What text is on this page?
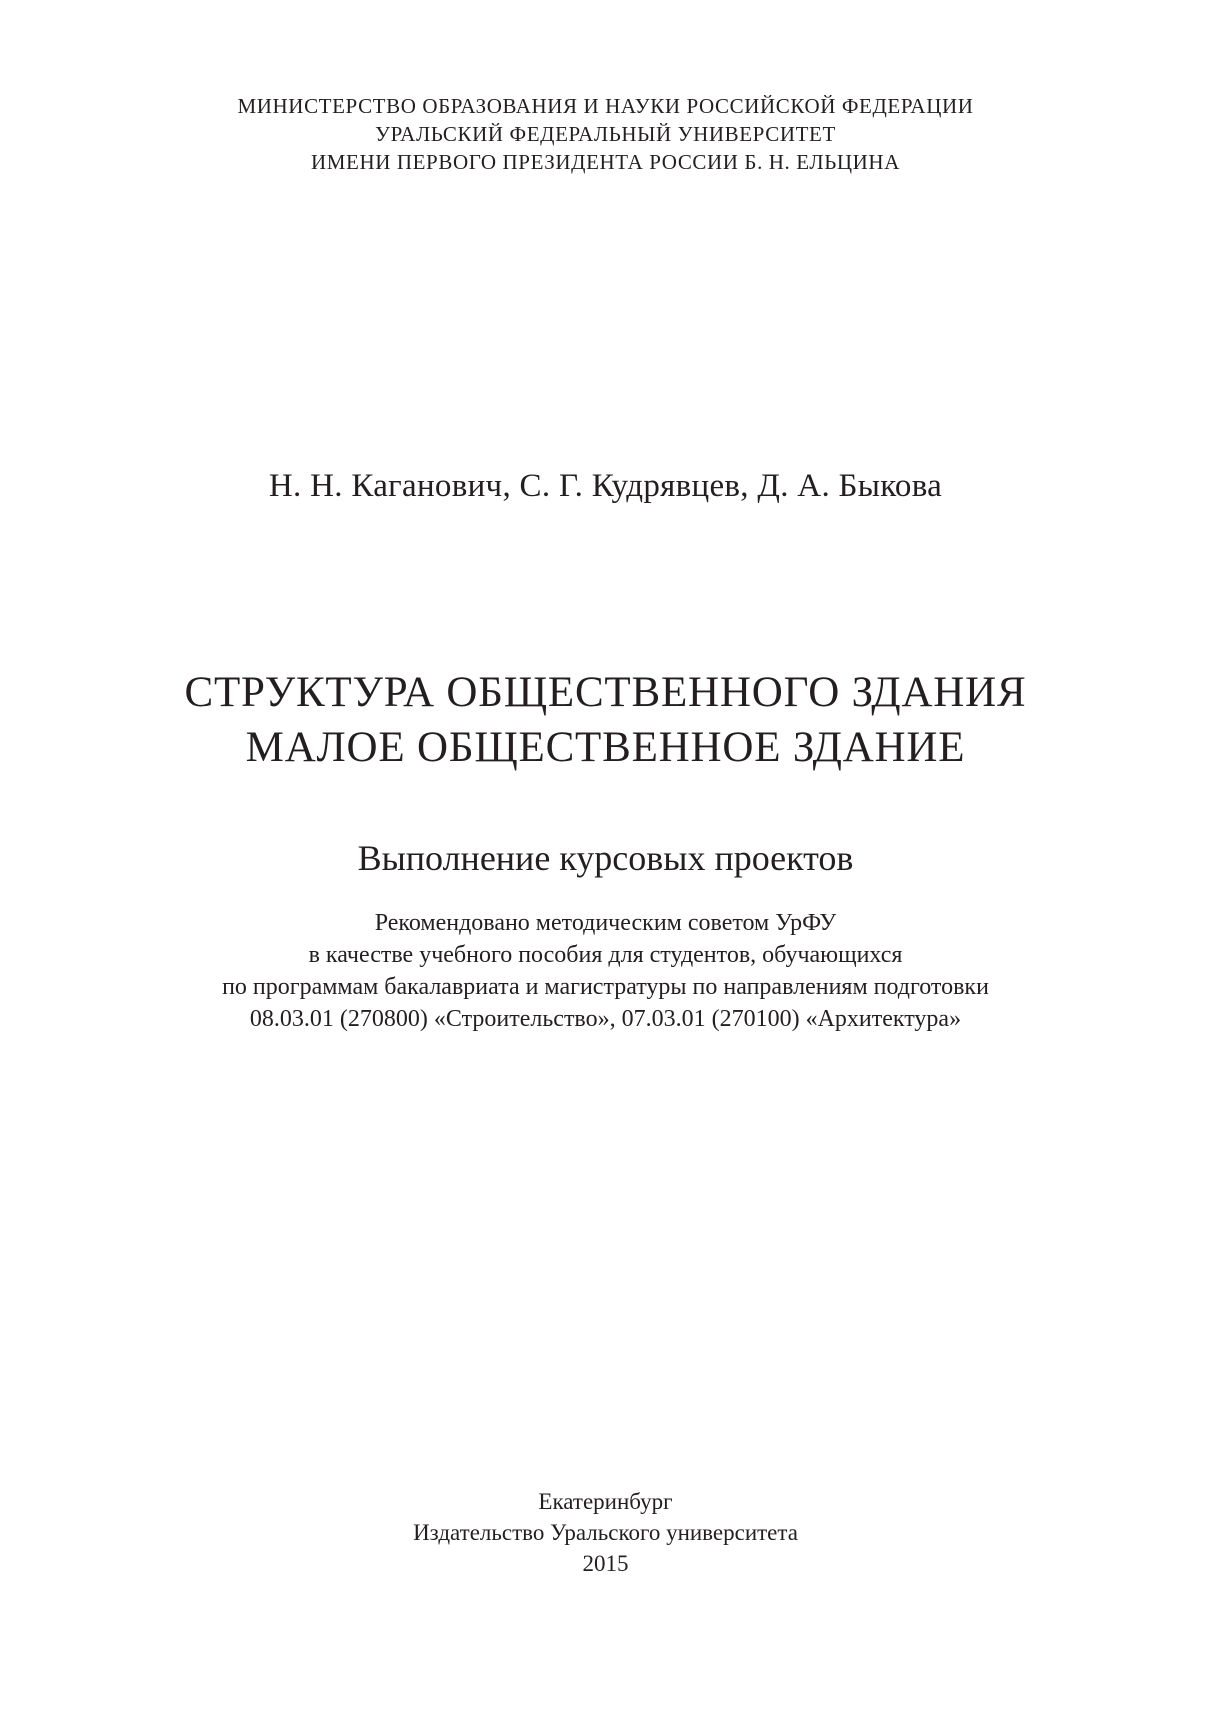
МИНИСТЕРСТВО ОБРАЗОВАНИЯ И НАУКИ РОССИЙСКОЙ ФЕДЕРАЦИИ
УРАЛЬСКИЙ ФЕДЕРАЛЬНЫЙ УНИВЕРСИТЕТ
ИМЕНИ ПЕРВОГО ПРЕЗИДЕНТА РОССИИ Б. Н. ЕЛЬЦИНА
Н. Н. Каганович, С. Г. Кудрявцев, Д. А. Быкова
СТРУКТУРА ОБЩЕСТВЕННОГО ЗДАНИЯ
МАЛОЕ ОБЩЕСТВЕННОЕ ЗДАНИЕ
Выполнение курсовых проектов
Рекомендовано методическим советом УрФУ
в качестве учебного пособия для студентов, обучающихся
по программам бакалавриата и магистратуры по направлениям подготовки
08.03.01 (270800) «Строительство», 07.03.01 (270100) «Архитектура»
Екатеринбург
Издательство Уральского университета
2015
